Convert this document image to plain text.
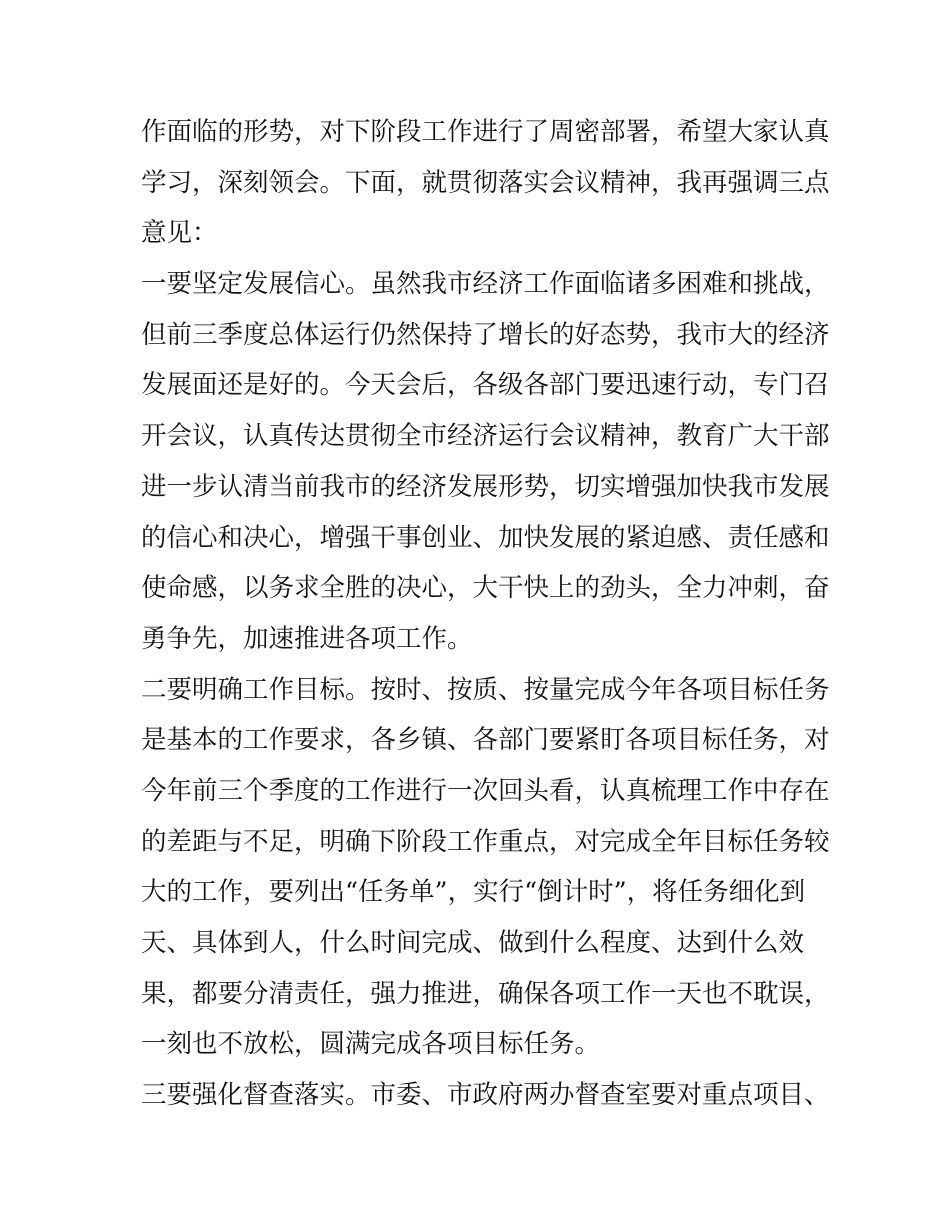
作面临的形势，对下阶段工作进行了周密部署，希望大家认真
学习，深刻领会。下面，就贯彻落实会议精神，我再强调三点
意见：
一要坚定发展信心。虽然我市经济工作面临诸多困难和挑战，
但前三季度总体运行仍然保持了增长的好态势，我市大的经济
发展面还是好的。今天会后，各级各部门要迅速行动，专门召
开会议，认真传达贯彻全市经济运行会议精神，教育广大干部
进一步认清当前我市的经济发展形势，切实增强加快我市发展
的信心和决心，增强干事创业、加快发展的紧迫感、责任感和
使命感，以务求全胜的决心，大干快上的劲头，全力冲刺，奋
勇争先，加速推进各项工作。
二要明确工作目标。按时、按质、按量完成今年各项目标任务
是基本的工作要求，各乡镇、各部门要紧盯各项目标任务，对
今年前三个季度的工作进行一次回头看，认真梳理工作中存在
的差距与不足，明确下阶段工作重点，对完成全年目标任务较
大的工作，要列出“任务单”，实行“倒计时”，将任务细化到
天、具体到人，什么时间完成、做到什么程度、达到什么效
果，都要分清责任，强力推进，确保各项工作一天也不耽误，
一刻也不放松，圆满完成各项目标任务。
三要强化督查落实。市委、市政府两办督查室要对重点项目、
